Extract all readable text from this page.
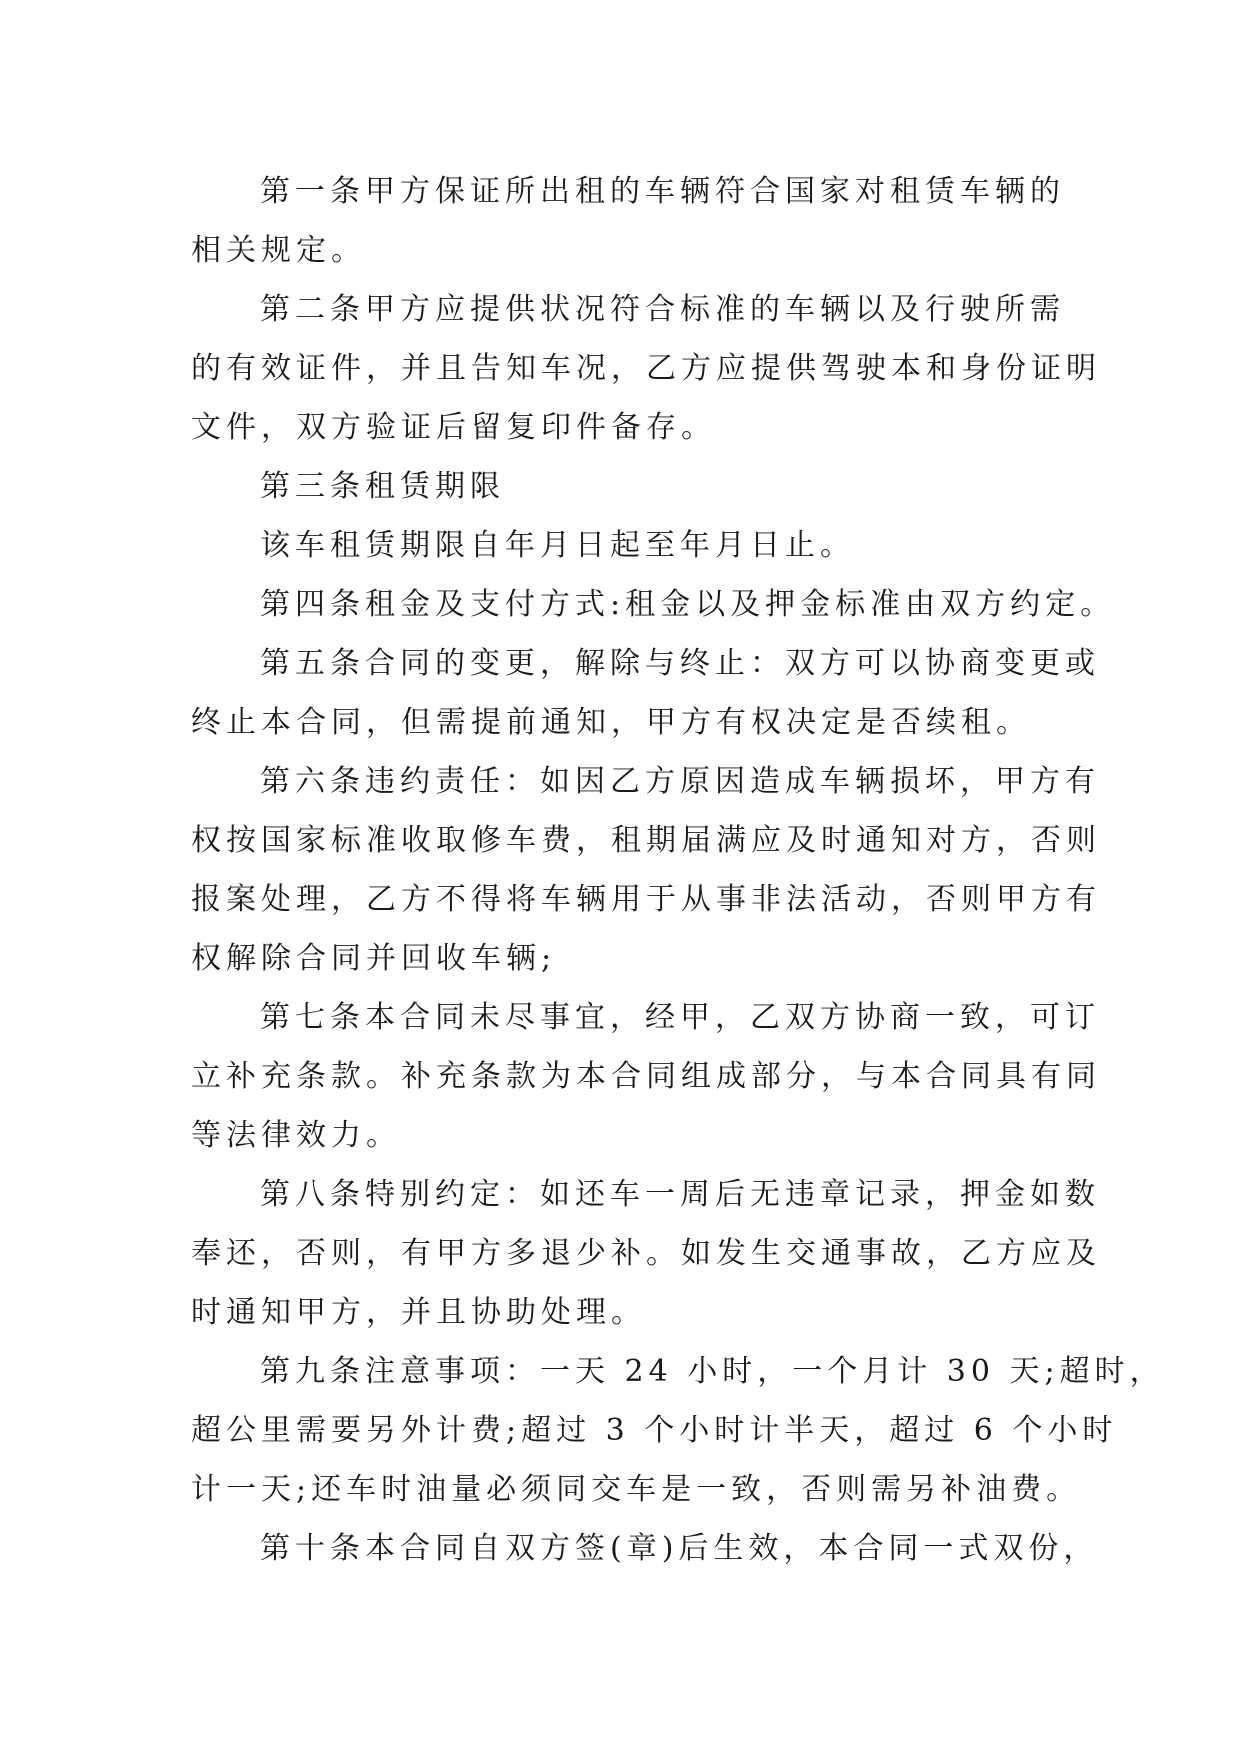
第一条甲方保证所出租的车辆符合国家对租赁车辆的
相关规定。
第二条甲方应提供状况符合标准的车辆以及行驶所需
的有效证件，并且告知车况，乙方应提供驾驶本和身份证明
文件，双方验证后留复印件备存。
第三条租赁期限
该车租赁期限自年月日起至年月日止。
第四条租金及支付方式:租金以及押金标准由双方约定。
第五条合同的变更，解除与终止：双方可以协商变更或
终止本合同，但需提前通知，甲方有权决定是否续租。
第六条违约责任：如因乙方原因造成车辆损坏，甲方有
权按国家标准收取修车费，租期届满应及时通知对方，否则
报案处理，乙方不得将车辆用于从事非法活动，否则甲方有
权解除合同并回收车辆;
第七条本合同未尽事宜，经甲，乙双方协商一致，可订
立补充条款。补充条款为本合同组成部分，与本合同具有同
等法律效力。
第八条特别约定：如还车一周后无违章记录，押金如数
奉还，否则，有甲方多退少补。如发生交通事故，乙方应及
时通知甲方，并且协助处理。
第九条注意事项：一天 24 小时，一个月计 30 天;超时，
超公里需要另外计费;超过 3 个小时计半天，超过 6 个小时
计一天;还车时油量必须同交车是一致，否则需另补油费。
第十条本合同自双方签(章)后生效，本合同一式双份，
